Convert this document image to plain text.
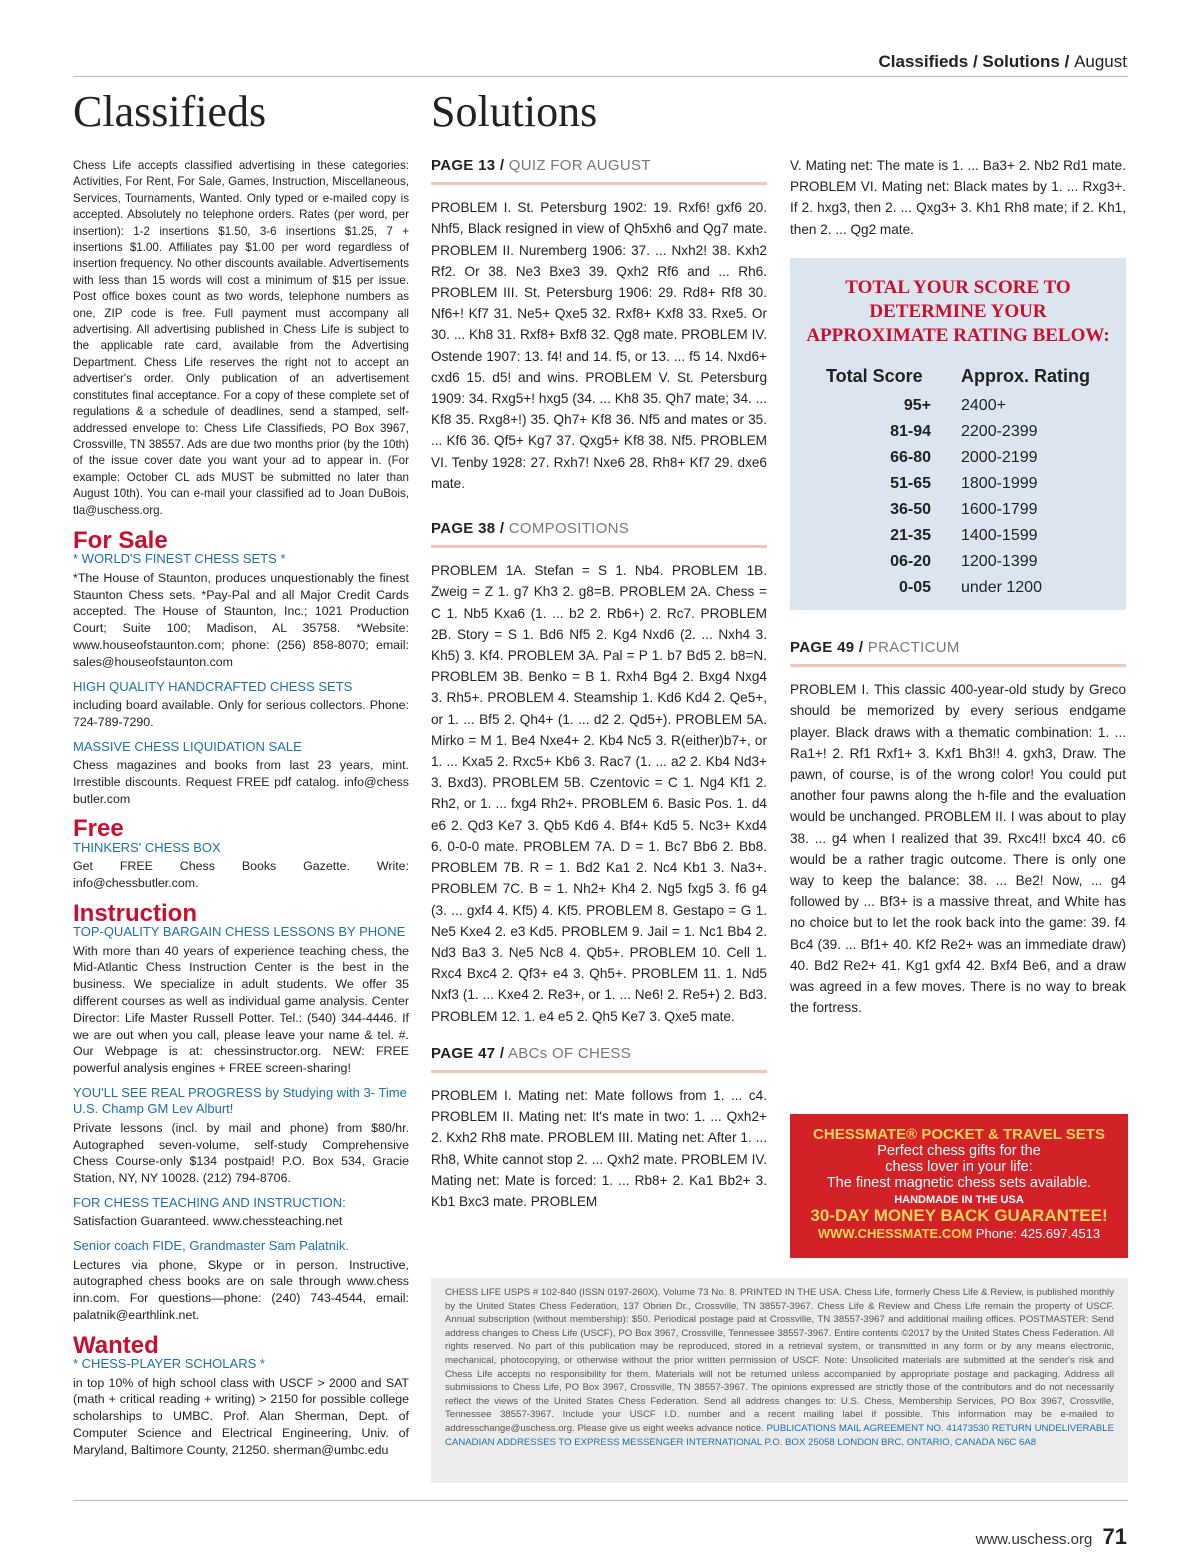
Classifieds / Solutions / August
Classifieds	Solutions
Chess Life accepts classified advertising in these categories: Activities, For Rent, For Sale, Games, Instruction, Miscellaneous, Services, Tournaments, Wanted. Only typed or e-mailed copy is accepted. Absolutely no telephone orders. Rates (per word, per insertion): 1-2 insertions $1.50, 3-6 insertions $1.25, 7 + insertions $1.00. Affiliates pay $1.00 per word regardless of insertion frequency. No other discounts available. Advertisements with less than 15 words will cost a minimum of $15 per issue. Post office boxes count as two words, telephone numbers as one, ZIP code is free. Full payment must accompany all advertising. All advertising published in Chess Life is subject to the applicable rate card, available from the Advertising Department. Chess Life reserves the right not to accept an advertiser's order. Only publication of an advertisement constitutes final acceptance. For a copy of these complete set of regulations & a schedule of deadlines, send a stamped, self-addressed envelope to: Chess Life Classifieds, PO Box 3967, Crossville, TN 38557. Ads are due two months prior (by the 10th) of the issue cover date you want your ad to appear in. (For example: October CL ads MUST be submitted no later than August 10th). You can e-mail your classified ad to Joan DuBois, tla@uschess.org.
For Sale
* WORLD'S FINEST CHESS SETS *
*The House of Staunton, produces unquestionably the finest Staunton Chess sets. *Pay-Pal and all Major Credit Cards accepted. The House of Staunton, Inc.; 1021 Production Court; Suite 100; Madison, AL 35758. *Website: www.houseofstaunton.com; phone: (256) 858-8070; email: sales@houseofstaunton.com
HIGH QUALITY HANDCRAFTED CHESS SETS
including board available. Only for serious collectors. Phone: 724-789-7290.
MASSIVE CHESS LIQUIDATION SALE
Chess magazines and books from last 23 years, mint. Irrestible discounts. Request FREE pdf catalog. info@chess butler.com
Free
THINKERS' CHESS BOX
Get FREE Chess Books Gazette. Write: info@chessbutler.com.
Instruction
TOP-QUALITY BARGAIN CHESS LESSONS BY PHONE
With more than 40 years of experience teaching chess, the Mid-Atlantic Chess Instruction Center is the best in the business. We specialize in adult students. We offer 35 different courses as well as individual game analysis. Center Director: Life Master Russell Potter. Tel.: (540) 344-4446. If we are out when you call, please leave your name & tel. #. Our Webpage is at: chessinstructor.org. NEW: FREE powerful analysis engines + FREE screen-sharing!
YOU'LL SEE REAL PROGRESS by Studying with 3- Time U.S. Champ GM Lev Alburt!
Private lessons (incl. by mail and phone) from $80/hr. Autographed seven-volume, self-study Comprehensive Chess Course-only $134 postpaid! P.O. Box 534, Gracie Station, NY, NY 10028. (212) 794-8706.
FOR CHESS TEACHING AND INSTRUCTION:
Satisfaction Guaranteed. www.chessteaching.net
Senior coach FIDE, Grandmaster Sam Palatnik.
Lectures via phone, Skype or in person. Instructive, autographed chess books are on sale through www.chess inn.com. For questions—phone: (240) 743-4544, email: palatnik@earthlink.net.
Wanted
* CHESS-PLAYER SCHOLARS *
in top 10% of high school class with USCF > 2000 and SAT (math + critical reading + writing) > 2150 for possible college scholarships to UMBC. Prof. Alan Sherman, Dept. of Computer Science and Electrical Engineering, Univ. of Maryland, Baltimore County, 21250. sherman@umbc.edu
PAGE 13 / QUIZ FOR AUGUST
PROBLEM I. St. Petersburg 1902: 19. Rxf6! gxf6 20. Nhf5, Black resigned in view of Qh5xh6 and Qg7 mate. PROBLEM II. Nuremberg 1906: 37. ... Nxh2! 38. Kxh2 Rf2. Or 38. Ne3 Bxe3 39. Qxh2 Rf6 and ... Rh6. PROBLEM III. St. Petersburg 1906: 29. Rd8+ Rf8 30. Nf6+! Kf7 31. Ne5+ Qxe5 32. Rxf8+ Kxf8 33. Rxe5. Or 30. ... Kh8 31. Rxf8+ Bxf8 32. Qg8 mate. PROBLEM IV. Ostende 1907: 13. f4! and 14. f5, or 13. ... f5 14. Nxd6+ cxd6 15. d5! and wins. PROBLEM V. St. Petersburg 1909: 34. Rxg5+! hxg5 (34. ... Kh8 35. Qh7 mate; 34. ... Kf8 35. Rxg8+!) 35. Qh7+ Kf8 36. Nf5 and mates or 35. ... Kf6 36. Qf5+ Kg7 37. Qxg5+ Kf8 38. Nf5. PROBLEM VI. Tenby 1928: 27. Rxh7! Nxe6 28. Rh8+ Kf7 29. dxe6 mate.
PAGE 38 / COMPOSITIONS
PROBLEM 1A. Stefan = S 1. Nb4. PROBLEM 1B. Zweig = Z 1. g7 Kh3 2. g8=B. PROBLEM 2A. Chess = C 1. Nb5 Kxa6 (1. ... b2 2. Rb6+) 2. Rc7. PROBLEM 2B. Story = S 1. Bd6 Nf5 2. Kg4 Nxd6 (2. ... Nxh4 3. Kh5) 3. Kf4. PROBLEM 3A. Pal = P 1. b7 Bd5 2. b8=N. PROBLEM 3B. Benko = B 1. Rxh4 Bg4 2. Bxg4 Nxg4 3. Rh5+. PROBLEM 4. Steamship 1. Kd6 Kd4 2. Qe5+, or 1. ... Bf5 2. Qh4+ (1. ... d2 2. Qd5+). PROBLEM 5A. Mirko = M 1. Be4 Nxe4+ 2. Kb4 Nc5 3. R(either)b7+, or 1. ... Kxa5 2. Rxc5+ Kb6 3. Rac7 (1. ... a2 2. Kb4 Nd3+ 3. Bxd3). PROBLEM 5B. Czentovic = C 1. Ng4 Kf1 2. Rh2, or 1. ... fxg4 Rh2+. PROBLEM 6. Basic Pos. 1. d4 e6 2. Qd3 Ke7 3. Qb5 Kd6 4. Bf4+ Kd5 5. Nc3+ Kxd4 6. 0-0-0 mate. PROBLEM 7A. D = 1. Bc7 Bb6 2. Bb8. PROBLEM 7B. R = 1. Bd2 Ka1 2. Nc4 Kb1 3. Na3+. PROBLEM 7C. B = 1. Nh2+ Kh4 2. Ng5 fxg5 3. f6 g4 (3. ... gxf4 4. Kf5) 4. Kf5. PROBLEM 8. Gestapo = G 1. Ne5 Kxe4 2. e3 Kd5. PROBLEM 9. Jail = 1. Nc1 Bb4 2. Nd3 Ba3 3. Ne5 Nc8 4. Qb5+. PROBLEM 10. Cell 1. Rxc4 Bxc4 2. Qf3+ e4 3. Qh5+. PROBLEM 11. 1. Nd5 Nxf3 (1. ... Kxe4 2. Re3+, or 1. ... Ne6! 2. Re5+) 2. Bd3. PROBLEM 12. 1. e4 e5 2. Qh5 Ke7 3. Qxe5 mate.
PAGE 47 / ABCs OF CHESS
PROBLEM I. Mating net: Mate follows from 1. ... c4. PROBLEM II. Mating net: It's mate in two: 1. ... Qxh2+ 2. Kxh2 Rh8 mate. PROBLEM III. Mating net: After 1. ... Rh8, White cannot stop 2. ... Qxh2 mate. PROBLEM IV. Mating net: Mate is forced: 1. ... Rb8+ 2. Ka1 Bb2+ 3. Kb1 Bxc3 mate. PROBLEM
V. Mating net: The mate is 1. ... Ba3+ 2. Nb2 Rd1 mate. PROBLEM VI. Mating net: Black mates by 1. ... Rxg3+. If 2. hxg3, then 2. ... Qxg3+ 3. Kh1 Rh8 mate; if 2. Kh1, then 2. ... Qg2 mate.
TOTAL YOUR SCORE TO
DETERMINE YOUR
APPROXIMATE RATING BELOW:
Total Score	Approx. Rating
95+	2400+
81-94	2200-2399
66-80	2000-2199
51-65	1800-1999
36-50	1600-1799
21-35	1400-1599
06-20	1200-1399
0-05	under 1200
PAGE 49 / PRACTICUM
PROBLEM I. This classic 400-year-old study by Greco should be memorized by every serious endgame player. Black draws with a thematic combination: 1. ... Ra1+! 2. Rf1 Rxf1+ 3. Kxf1 Bh3!! 4. gxh3, Draw. The pawn, of course, is of the wrong color! You could put another four pawns along the h-file and the evaluation would be unchanged. PROBLEM II. I was about to play 38. ... g4 when I realized that 39. Rxc4!! bxc4 40. c6 would be a rather tragic outcome. There is only one way to keep the balance: 38. ... Be2! Now, ... g4 followed by ... Bf3+ is a massive threat, and White has no choice but to let the rook back into the game: 39. f4 Bc4 (39. ... Bf1+ 40. Kf2 Re2+ was an immediate draw) 40. Bd2 Re2+ 41. Kg1 gxf4 42. Bxf4 Be6, and a draw was agreed in a few moves. There is no way to break the fortress.
CHESSMATE® POCKET & TRAVEL SETS
Perfect chess gifts for the
chess lover in your life:
The finest magnetic chess sets available.
HANDMADE IN THE USA
30-DAY MONEY BACK GUARANTEE!
WWW.CHESSMATE.COM Phone: 425.697.4513

CHESS LIFE USPS # 102-840 (ISSN 0197-260X). Volume 73 No. 8. PRINTED IN THE USA. Chess Life, formerly Chess Life & Review, is published monthly by the United States Chess Federation, 137 Obrien Dr., Crossville, TN 38557-3967. Chess Life & Review and Chess Life remain the property of USCF. Annual subscription (without membership): $50. Periodical postage paid at Crossville, TN 38557-3967 and additional mailing offices. POSTMASTER: Send address changes to Chess Life (USCF), PO Box 3967, Crossville, Tennessee 38557-3967. Entire contents ©2017 by the United States Chess Federation. All rights reserved. No part of this publication may be reproduced, stored in a retrieval system, or transmitted in any form or by any means electronic, mechanical, photocopying, or otherwise without the prior written permission of USCF. Note: Unsolicited materials are submitted at the sender's risk and Chess Life accepts no responsibility for them. Materials will not be returned unless accompanied by appropriate postage and packaging. Address all submissions to Chess Life, PO Box 3967, Crossville, TN 38557-3967. The opinions expressed are strictly those of the contributors and do not necessarily reflect the views of the United States Chess Federation. Send all address changes to: U.S. Chess, Membership Services, PO Box 3967, Crossville, Tennessee 38557-3967. Include your USCF I.D. number and a recent mailing label if possible. This information may be e-mailed to addresschange@uschess.org. Please give us eight weeks advance notice. PUBLICATIONS MAIL AGREEMENT NO. 41473530 RETURN UNDELIVERABLE CANADIAN ADDRESSES TO EXPRESS MESSENGER INTERNATIONAL P.O. BOX 25058 LONDON BRC, ONTARIO, CANADA N6C 6A8

www.uschess.org 71
